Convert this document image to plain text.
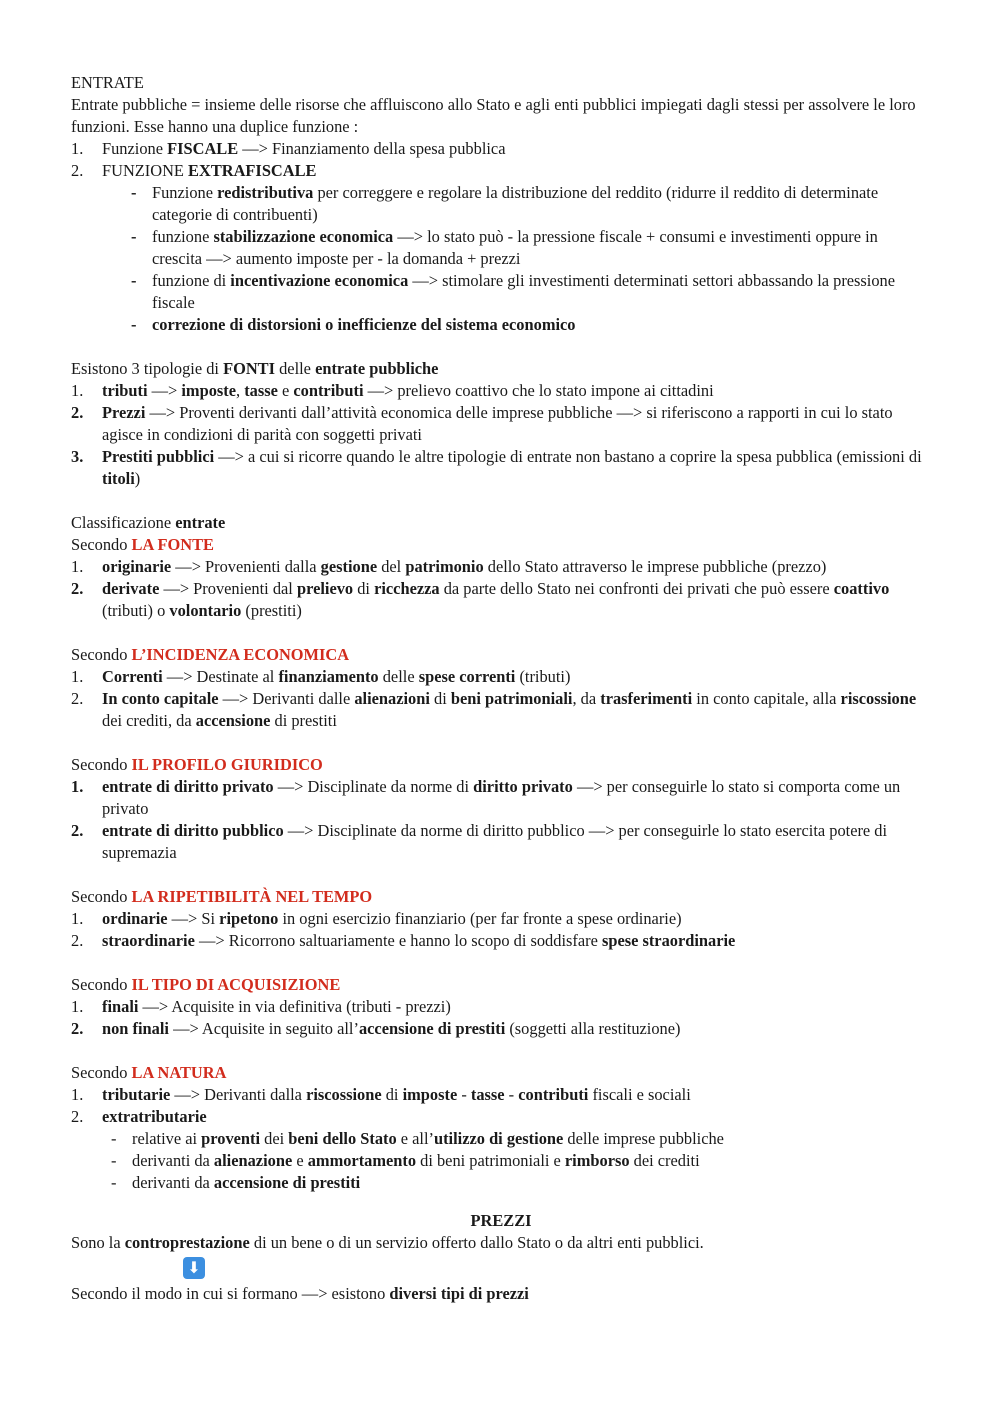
ENTRATE

Entrate pubbliche = insieme delle risorse che affluiscono allo Stato e agli enti pubblici impiegati dagli stessi per assolvere le loro funzioni. Esse hanno una duplice funzione :

1. Funzione FISCALE —> Finanziamento della spesa pubblica
2. FUNZIONE EXTRAFISCALE
- Funzione redistributiva per correggere e regolare la distribuzione del reddito (ridurre il reddito di determinate categorie di contribuenti)
- funzione stabilizzazione economica —> lo stato può - la pressione fiscale + consumi e investimenti oppure in crescita —> aumento imposte per - la domanda + prezzi
- funzione di incentivazione economica —> stimolare gli investimenti determinati settori abbassando la pressione fiscale
- correzione di distorsioni o inefficienze del sistema economico

Esistono 3 tipologie di FONTI delle entrate pubbliche

1. tributi —> imposte, tasse e contributi —> prelievo coattivo che lo stato impone ai cittadini
2. Prezzi —> Proventi derivanti dall’attività economica delle imprese pubbliche —> si riferiscono a rapporti in cui lo stato agisce in condizioni di parità con soggetti privati
3. Prestiti pubblici —> a cui si ricorre quando le altre tipologie di entrate non bastano a coprire la spesa pubblica (emissioni di titoli)

Classificazione entrate

Secondo LA FONTE

1. originarie —> Provenienti dalla gestione del patrimonio dello Stato attraverso le imprese pubbliche (prezzo)
2. derivate —> Provenienti dal prelievo di ricchezza da parte dello Stato nei confronti dei privati che può essere coattivo (tributi) o volontario (prestiti)

Secondo L’INCIDENZA ECONOMICA

1. Correnti —> Destinate al finanziamento delle spese correnti (tributi)
2. In conto capitale —> Derivanti dalle alienazioni di beni patrimoniali, da trasferimenti in conto capitale, alla riscossione dei crediti, da accensione di prestiti

Secondo IL PROFILO GIURIDICO

1. entrate di diritto privato —> Disciplinate da norme di diritto privato —> per conseguirle lo stato si comporta come un privato
2. entrate di diritto pubblico —> Disciplinate da norme di diritto pubblico —> per conseguirle lo stato esercita potere di supremazia

Secondo LA RIPETIBILITÀ NEL TEMPO

1. ordinarie —> Si ripetono in ogni esercizio finanziario (per far fronte a spese ordinarie)
2. straordinarie —> Ricorrono saltuariamente e hanno lo scopo di soddisfare spese straordinarie

Secondo IL TIPO DI ACQUISIZIONE

1. finali —> Acquisite in via definitiva (tributi - prezzi)
2. non finali —> Acquisite in seguito all’accensione di prestiti (soggetti alla restituzione)

Secondo LA NATURA

1. tributarie —> Derivanti dalla riscossione di imposte - tasse - contributi fiscali e sociali
2. extratributarie
- relative ai proventi dei beni dello Stato e all’utilizzo di gestione delle imprese pubbliche
- derivanti da alienazione e ammortamento di beni patrimoniali e rimborso dei crediti
- derivanti da accensione di prestiti

PREZZI

Sono la controprestazione di un bene o di un servizio offerto dallo Stato o da altri enti pubblici.

⬇

Secondo il modo in cui si formano —> esistono diversi tipi di prezzi
